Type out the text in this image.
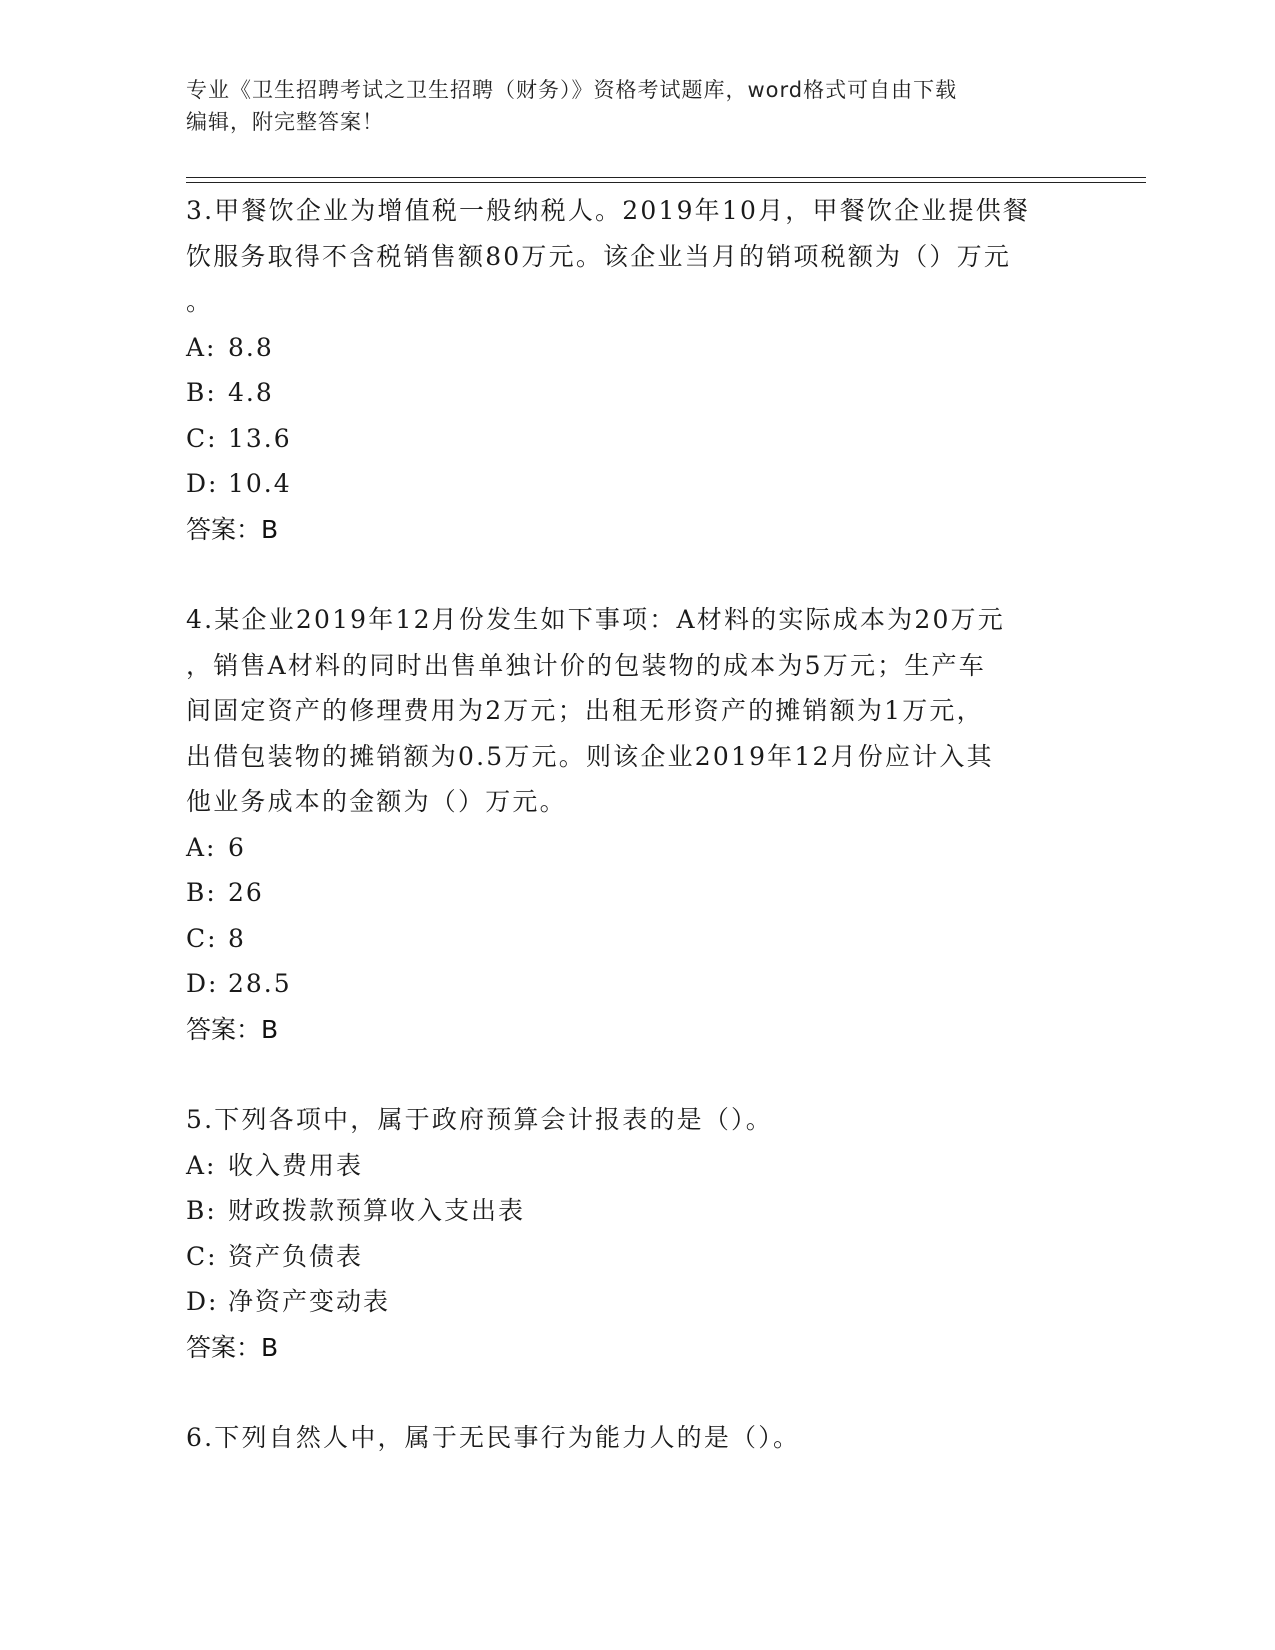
专业《卫生招聘考试之卫生招聘（财务）》资格考试题库，word格式可自由下载
编辑，附完整答案！

3.甲餐饮企业为增值税一般纳税人。2019年10月，甲餐饮企业提供餐

饮服务取得不含税销售额80万元。该企业当月的销项税额为（）万元

。

A: 8.8

B: 4.8

C: 13.6

D: 10.4

答案：B

4.某企业2019年12月份发生如下事项：A材料的实际成本为20万元

，销售A材料的同时出售单独计价的包装物的成本为5万元；生产车

间固定资产的修理费用为2万元；出租无形资产的摊销额为1万元，

出借包装物的摊销额为0.5万元。则该企业2019年12月份应计入其

他业务成本的金额为（）万元。

A: 6

B: 26

C: 8

D: 28.5

答案：B

5.下列各项中，属于政府预算会计报表的是（）。

A: 收入费用表

B: 财政拨款预算收入支出表

C: 资产负债表

D: 净资产变动表

答案：B

6.下列自然人中，属于无民事行为能力人的是（）。
